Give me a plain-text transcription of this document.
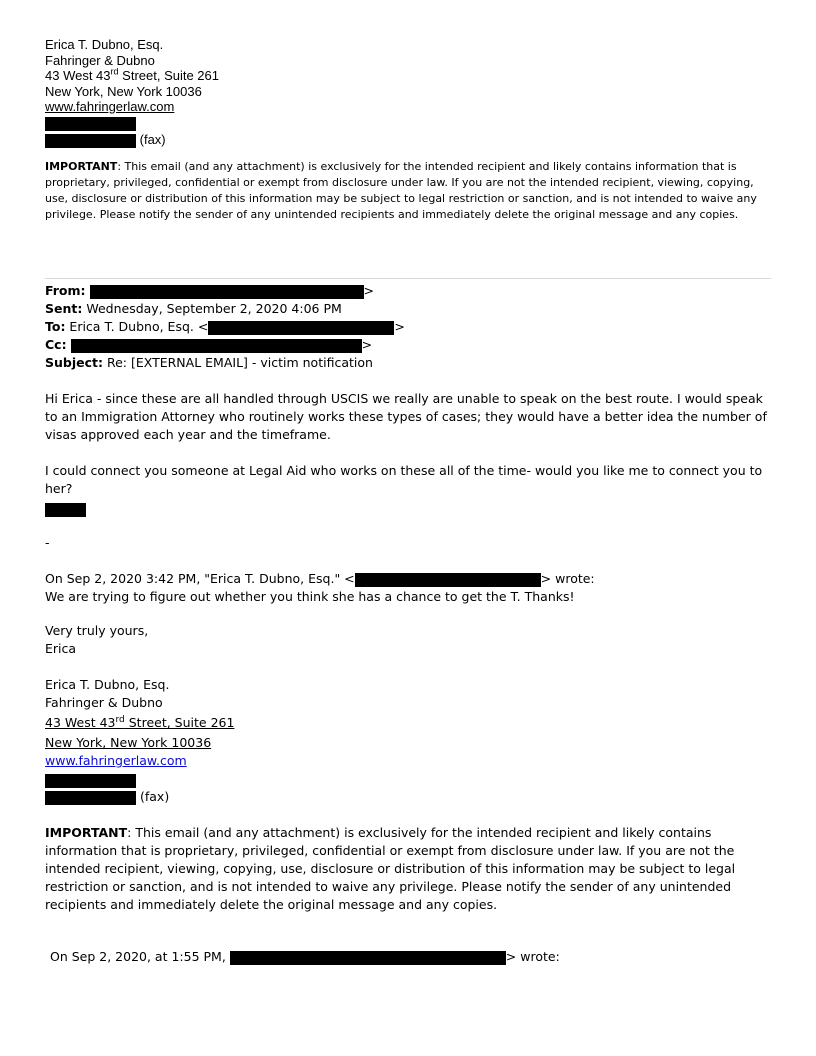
Erica T. Dubno, Esq.
Fahringer & Dubno
43 West 43rd Street, Suite 261
New York, New York 10036
www.fahringerlaw.com
(fax)
IMPORTANT: This email (and any attachment) is exclusively for the intended recipient and likely contains information that is proprietary, privileged, confidential or exempt from disclosure under law. If you are not the intended recipient, viewing, copying, use, disclosure or distribution of this information may be subject to legal restriction or sanction, and is not intended to waive any privilege. Please notify the sender of any unintended recipients and immediately delete the original message and any copies.
From:	>
Sent: Wednesday, September 2, 2020 4:06 PM
To: Erica T. Dubno, Esq. <	>
Cc:	>
Subject: Re: [EXTERNAL EMAIL] - victim notification
Hi Erica - since these are all handled through USCIS we really are unable to speak on the best route. I would speak to an Immigration Attorney who routinely works these types of cases; they would have a better idea the number of visas approved each year and the timeframe.
I could connect you someone at Legal Aid who works on these all of the time- would you like me to connect you to her?
-
On Sep 2, 2020 3:42 PM, "Erica T. Dubno, Esq." <	> wrote:
We are trying to figure out whether you think she has a chance to get the T. Thanks!
Very truly yours,
Erica
Erica T. Dubno, Esq.
Fahringer & Dubno
43 West 43rd Street, Suite 261
New York, New York 10036
www.fahringerlaw.com
(fax)
IMPORTANT: This email (and any attachment) is exclusively for the intended recipient and likely contains information that is proprietary, privileged, confidential or exempt from disclosure under law. If you are not the intended recipient, viewing, copying, use, disclosure or distribution of this information may be subject to legal restriction or sanction, and is not intended to waive any privilege. Please notify the sender of any unintended recipients and immediately delete the original message and any copies.
On Sep 2, 2020, at 1:55 PM,	> wrote:
